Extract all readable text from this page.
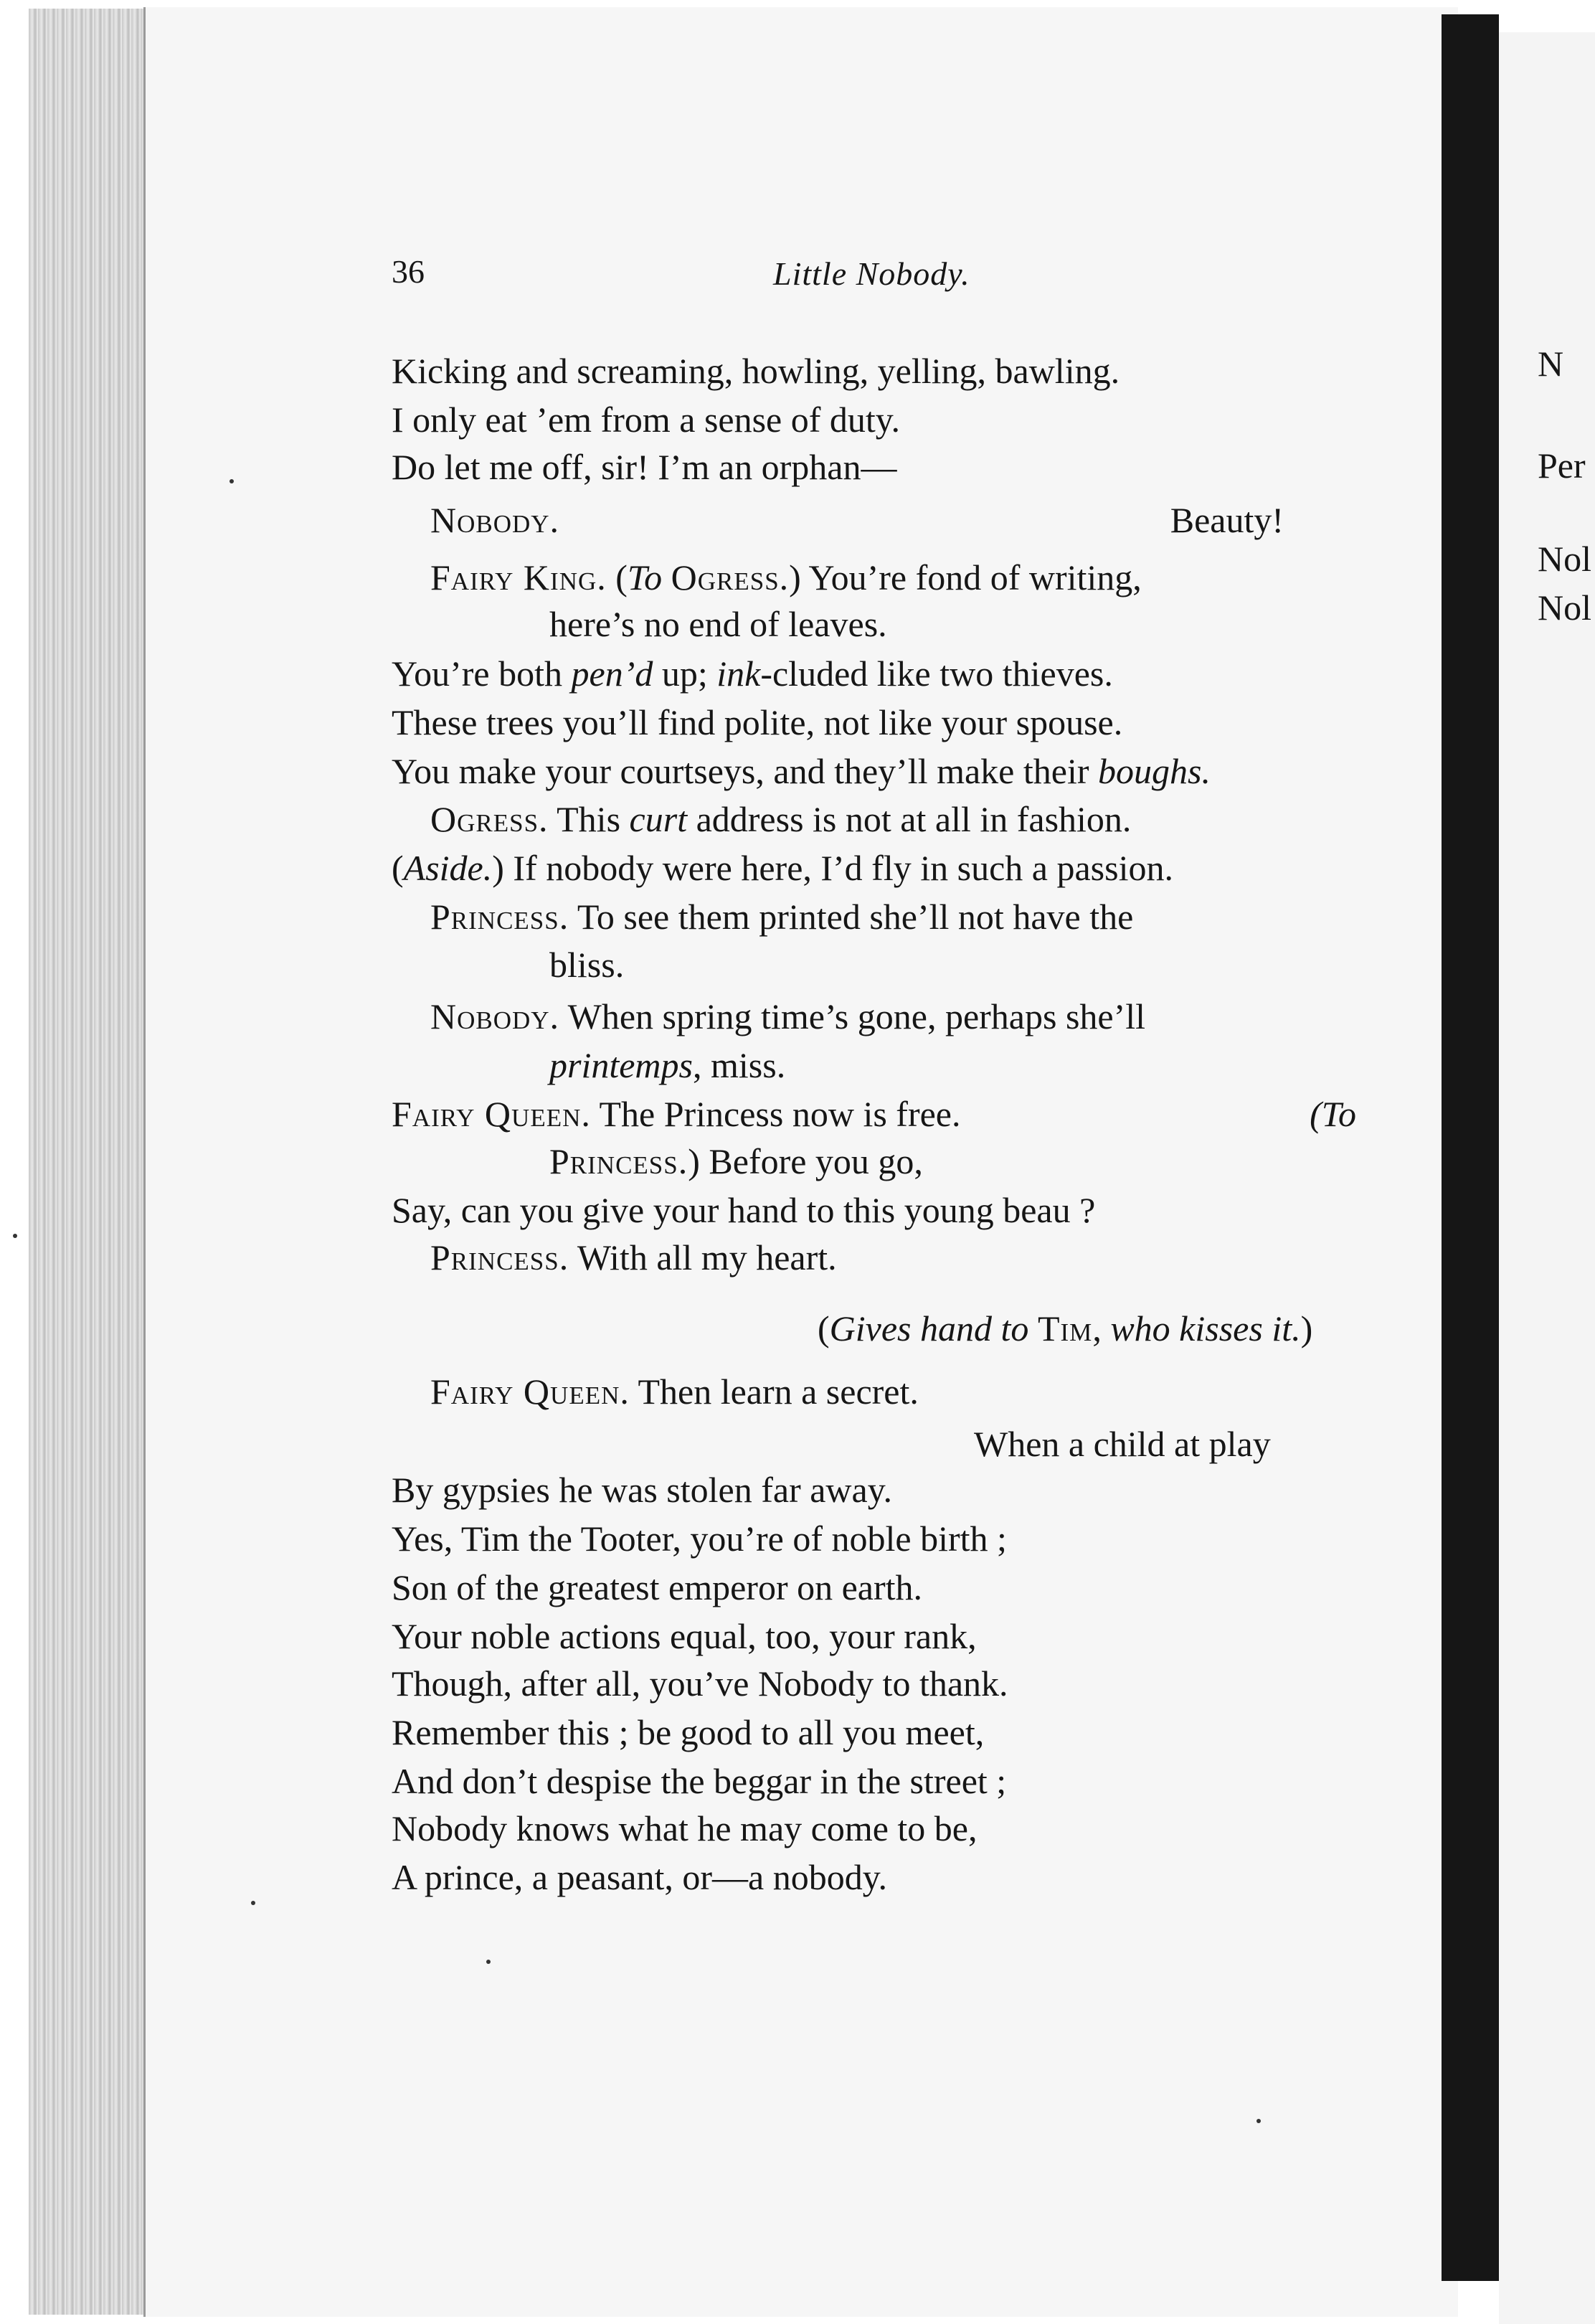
N
Per
Nol
Nol
36	Little Nobody.
Kicking and screaming, howling, yelling, bawling.
I only eat ’em from a sense of duty.
Do let me off, sir! I’m an orphan—
Nobody.	Beauty!
Fairy King. (To Ogress.) You’re fond of writing,
here’s no end of leaves.
You’re both pen’d up; ink-cluded like two thieves.
These trees you’ll find polite, not like your spouse.
You make your courtseys, and they’ll make their boughs.
Ogress. This curt address is not at all in fashion.
(Aside.) If nobody were here, I’d fly in such a passion.
Princess. To see them printed she’ll not have the
bliss.
Nobody. When spring time’s gone, perhaps she’ll
printemps, miss.
Fairy Queen. The Princess now is free.	(To
Princess.) Before you go,
Say, can you give your hand to this young beau ?
Princess. With all my heart.
(Gives hand to Tim, who kisses it.)
Fairy Queen. Then learn a secret.
When a child at play
By gypsies he was stolen far away.
Yes, Tim the Tooter, you’re of noble birth ;
Son of the greatest emperor on earth.
Your noble actions equal, too, your rank,
Though, after all, you’ve Nobody to thank.
Remember this ; be good to all you meet,
And don’t despise the beggar in the street ;
Nobody knows what he may come to be,
A prince, a peasant, or—a nobody.
